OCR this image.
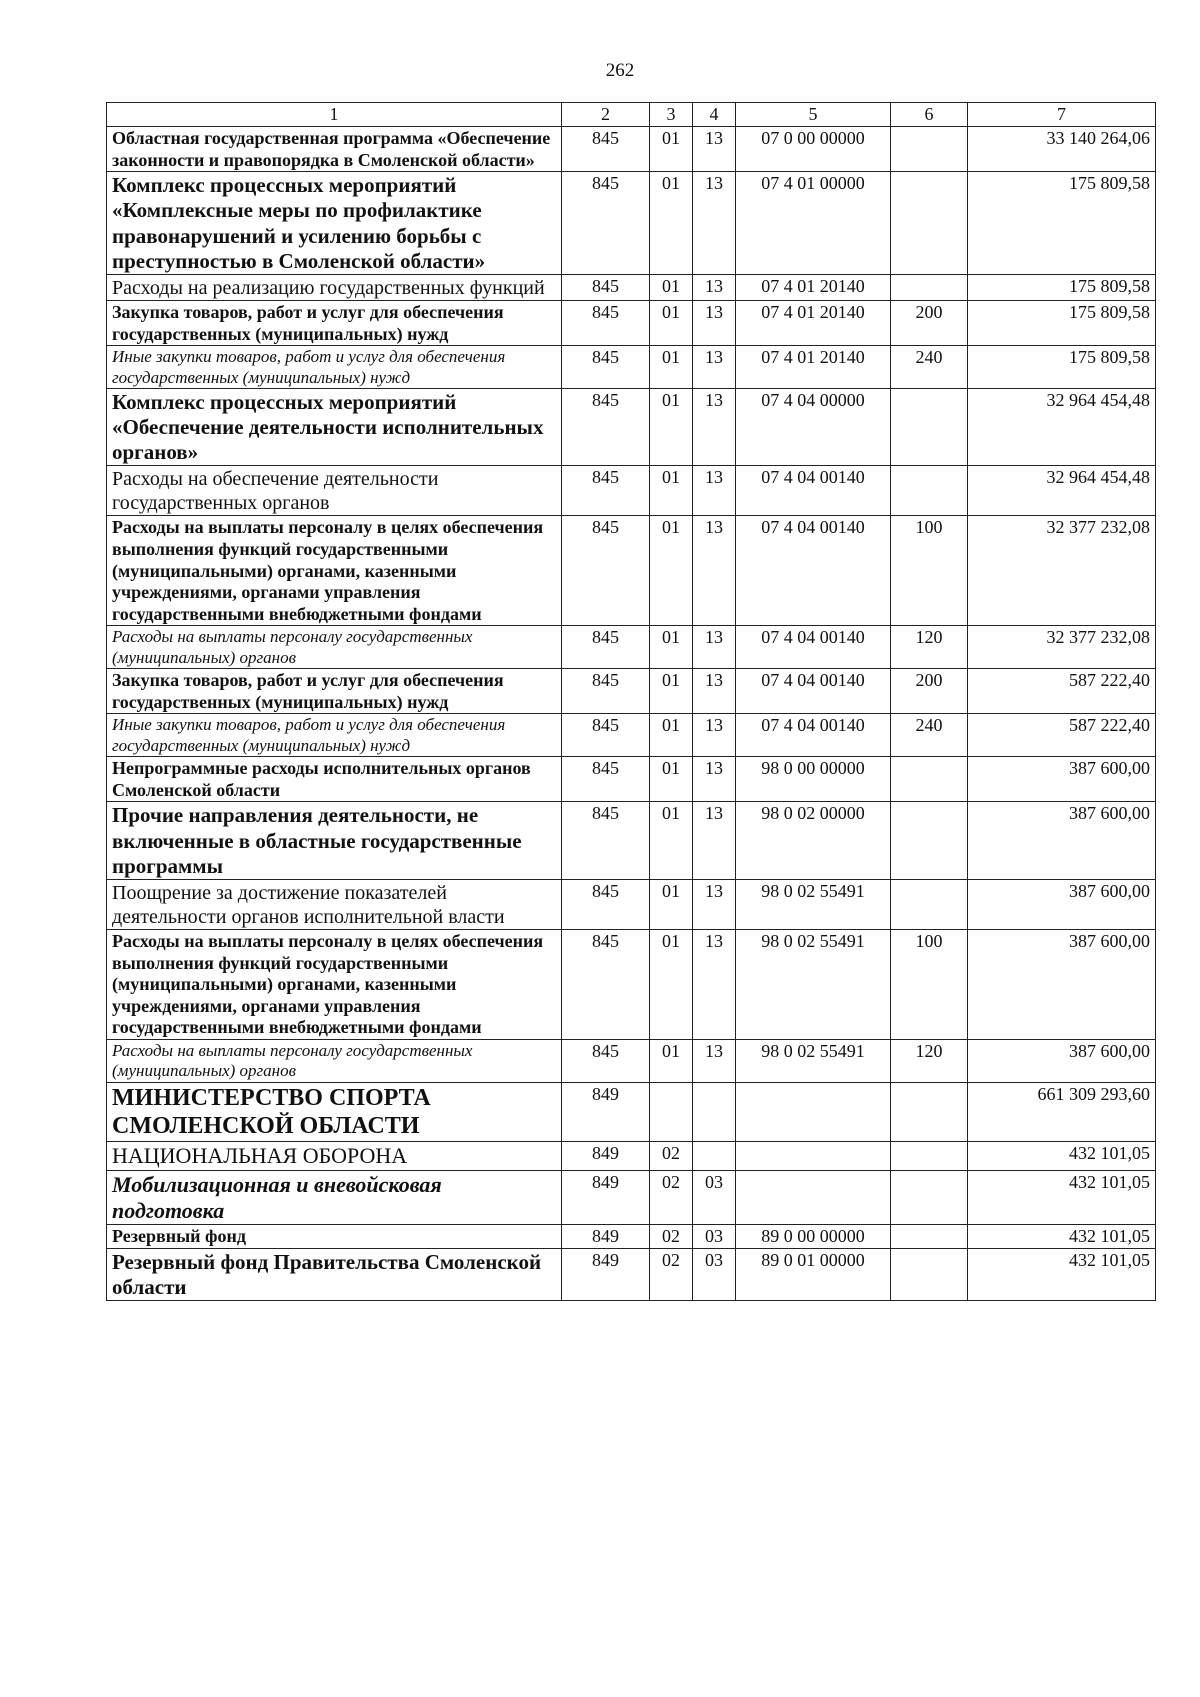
262
1	2	3	4	5	6	7
Областная государственная программа «Обеспечение законности и правопорядка в Смоленской области»	845	01	13	07 0 00 00000		33 140 264,06
Комплекс процессных мероприятий «Комплексные меры по профилактике правонарушений и усилению борьбы с преступностью в Смоленской области»	845	01	13	07 4 01 00000		175 809,58
Расходы на реализацию государственных функций	845	01	13	07 4 01 20140		175 809,58
Закупка товаров, работ и услуг для обеспечения государственных (муниципальных) нужд	845	01	13	07 4 01 20140	200	175 809,58
Иные закупки товаров, работ и услуг для обеспечения государственных (муниципальных) нужд	845	01	13	07 4 01 20140	240	175 809,58
Комплекс процессных мероприятий «Обеспечение деятельности исполнительных органов»	845	01	13	07 4 04 00000		32 964 454,48
Расходы на обеспечение деятельности государственных органов	845	01	13	07 4 04 00140		32 964 454,48
Расходы на выплаты персоналу в целях обеспечения выполнения функций государственными (муниципальными) органами, казенными учреждениями, органами управления государственными внебюджетными фондами	845	01	13	07 4 04 00140	100	32 377 232,08
Расходы на выплаты персоналу государственных (муниципальных) органов	845	01	13	07 4 04 00140	120	32 377 232,08
Закупка товаров, работ и услуг для обеспечения государственных (муниципальных) нужд	845	01	13	07 4 04 00140	200	587 222,40
Иные закупки товаров, работ и услуг для обеспечения государственных (муниципальных) нужд	845	01	13	07 4 04 00140	240	587 222,40
Непрограммные расходы исполнительных органов Смоленской области	845	01	13	98 0 00 00000		387 600,00
Прочие направления деятельности, не включенные в областные государственные программы	845	01	13	98 0 02 00000		387 600,00
Поощрение за достижение показателей деятельности органов исполнительной власти	845	01	13	98 0 02 55491		387 600,00
Расходы на выплаты персоналу в целях обеспечения выполнения функций государственными (муниципальными) органами, казенными учреждениями, органами управления государственными внебюджетными фондами	845	01	13	98 0 02 55491	100	387 600,00
Расходы на выплаты персоналу государственных (муниципальных) органов	845	01	13	98 0 02 55491	120	387 600,00
МИНИСТЕРСТВО СПОРТА СМОЛЕНСКОЙ ОБЛАСТИ	849					661 309 293,60
НАЦИОНАЛЬНАЯ ОБОРОНА	849	02				432 101,05
Мобилизационная и вневойсковая подготовка	849	02	03			432 101,05
Резервный фонд	849	02	03	89 0 00 00000		432 101,05
Резервный фонд Правительства Смоленской области	849	02	03	89 0 01 00000		432 101,05
